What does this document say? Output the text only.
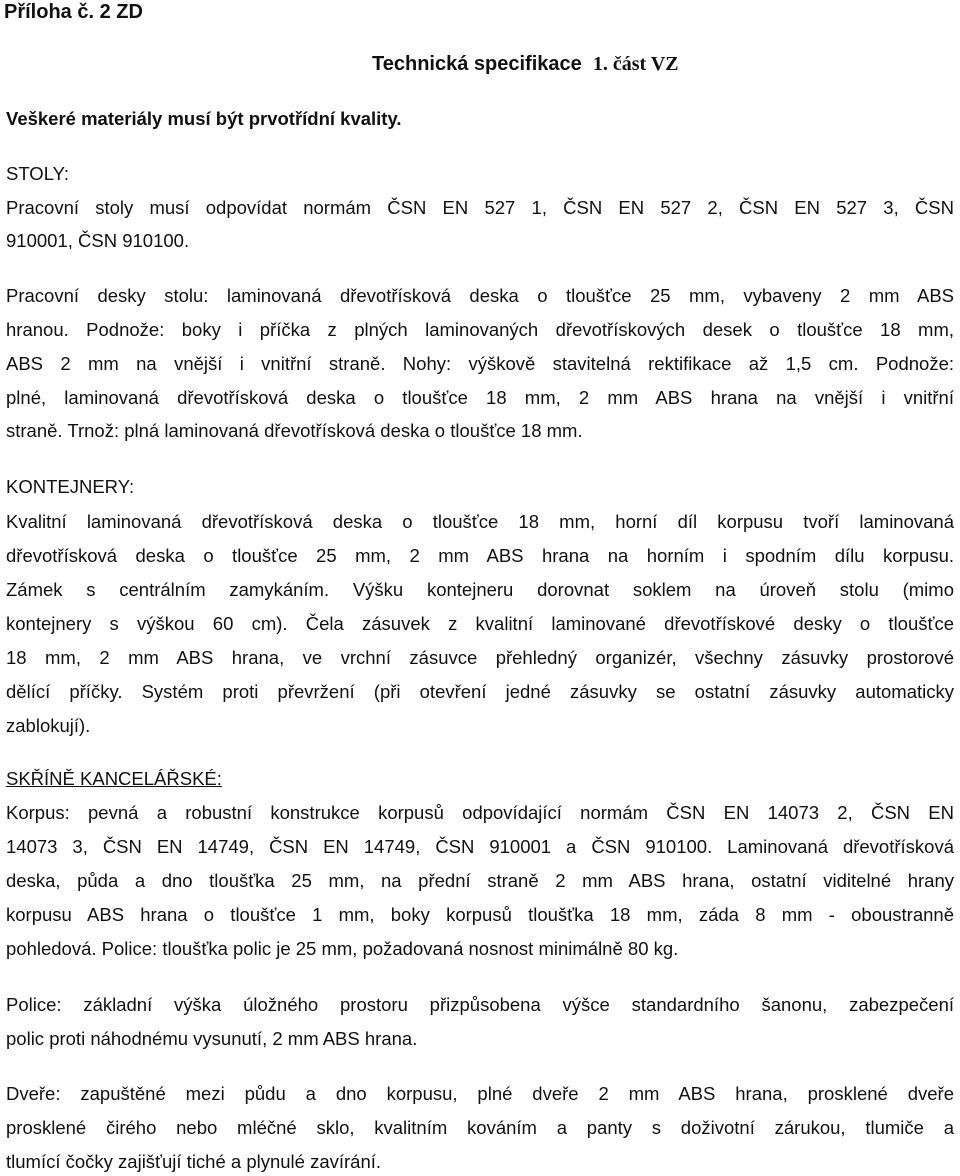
Příloha č. 2 ZD

Technická specifikace 1. část VZ

Veškeré materiály musí být prvotřídní kvality.

STOLY:

Pracovní stoly musí odpovídat normám ČSN EN 527 1, ČSN EN 527 2, ČSN EN 527 3, ČSN

910001, ČSN 910100.

Pracovní desky stolu: laminovaná dřevotřísková deska o tloušťce 25 mm, vybaveny 2 mm ABS

hranou. Podnože: boky i příčka z plných laminovaných dřevotřískových desek o tloušťce 18 mm,

ABS 2 mm na vnější i vnitřní straně. Nohy: výškově stavitelná rektifikace až 1,5 cm. Podnože:

plné, laminovaná dřevotřísková deska o tloušťce 18 mm, 2 mm ABS hrana na vnější i vnitřní

straně. Trnož: plná laminovaná dřevotřísková deska o tloušťce 18 mm.

KONTEJNERY:

Kvalitní laminovaná dřevotřísková deska o tloušťce 18 mm, horní díl korpusu tvoří laminovaná

dřevotřísková deska o tloušťce 25 mm, 2 mm ABS hrana na horním i spodním dílu korpusu.

Zámek s centrálním zamykáním. Výšku kontejneru dorovnat soklem na úroveň stolu (mimo

kontejnery s výškou 60 cm). Čela zásuvek z kvalitní laminované dřevotřískové desky o tloušťce

18 mm, 2 mm ABS hrana, ve vrchní zásuvce přehledný organizér, všechny zásuvky prostorové

dělící příčky. Systém proti převržení (při otevření jedné zásuvky se ostatní zásuvky automaticky

zablokují).

SKŘÍNĚ KANCELÁŘSKÉ:

Korpus: pevná a robustní konstrukce korpusů odpovídající normám ČSN EN 14073 2, ČSN EN

14073 3, ČSN EN 14749, ČSN EN 14749, ČSN 910001 a ČSN 910100. Laminovaná dřevotřísková

deska, půda a dno tloušťka 25 mm, na přední straně 2 mm ABS hrana, ostatní viditelné hrany

korpusu ABS hrana o tloušťce 1 mm, boky korpusů tloušťka 18 mm, záda 8 mm - oboustranně

pohledová. Police: tloušťka polic je 25 mm, požadovaná nosnost minimálně 80 kg.

Police: základní výška úložného prostoru přizpůsobena výšce standardního šanonu, zabezpečení

polic proti náhodnému vysunutí, 2 mm ABS hrana.

Dveře: zapuštěné mezi půdu a dno korpusu, plné dveře 2 mm ABS hrana, prosklené dveře

prosklené čirého nebo mléčné sklo, kvalitním kováním a panty s doživotní zárukou, tlumiče a

tlumící čočky zajišťují tiché a plynulé zavírání.
